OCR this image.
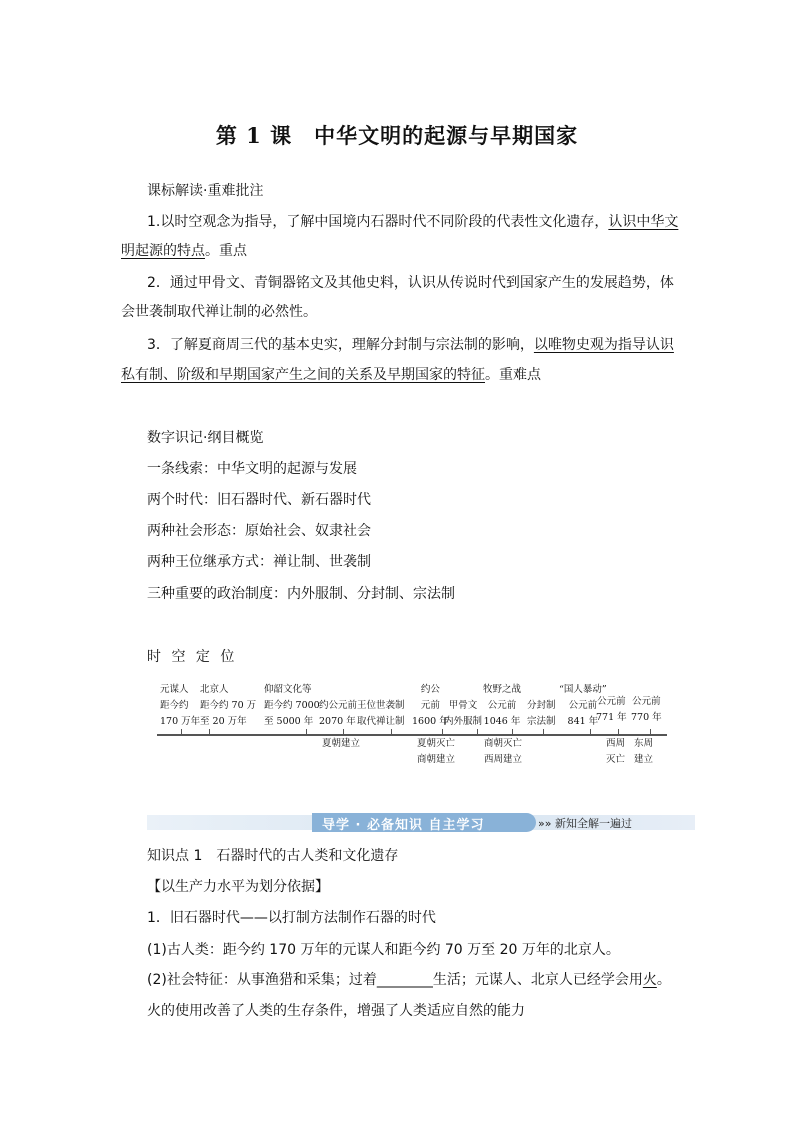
第 1 课　中华文明的起源与早期国家
课标解读·重难批注
1.以时空观念为指导，了解中国境内石器时代不同阶段的代表性文化遗存，认识中华文
明起源的特点。重点
2．通过甲骨文、青铜器铭文及其他史料，认识从传说时代到国家产生的发展趋势，体
会世袭制取代禅让制的必然性。
3．了解夏商周三代的基本史实，理解分封制与宗法制的影响，以唯物史观为指导认识
私有制、阶级和早期国家产生之间的关系及早期国家的特征。重难点
数字识记·纲目概览
一条线索：中华文明的起源与发展
两个时代：旧石器时代、新石器时代
两种社会形态：原始社会、奴隶社会
两种王位继承方式：禅让制、世袭制
三种重要的政治制度：内外服制、分封制、宗法制
时 空 定 位
元谋人
距今约
170 万年
北京人
距今约 70 万
至 20 万年
仰韶文化等
距今约 7000
至 5000 年
约公元前
2070 年
王位世袭制
取代禅让制
约公
元前
1600 年
甲骨文
内外服制
牧野之战
公元前
1046 年
分封制
宗法制
“国人暴动”
公元前
841 年
公元前
771 年
公元前
770 年
夏朝建立	夏朝灭亡
商朝建立
商朝灭亡
西周建立
西周
灭亡
东周
建立
导学 · 必备知识 自主学习	»» 新知全解一遍过
知识点 1　石器时代的古人类和文化遗存
【以生产力水平为划分依据】
1．旧石器时代——以打制方法制作石器的时代
(1)古人类：距今约 170 万年的元谋人和距今约 70 万至 20 万年的北京人。
(2)社会特征：从事渔猎和采集；过着________生活；元谋人、北京人已经学会用火。
火的使用改善了人类的生存条件，增强了人类适应自然的能力
